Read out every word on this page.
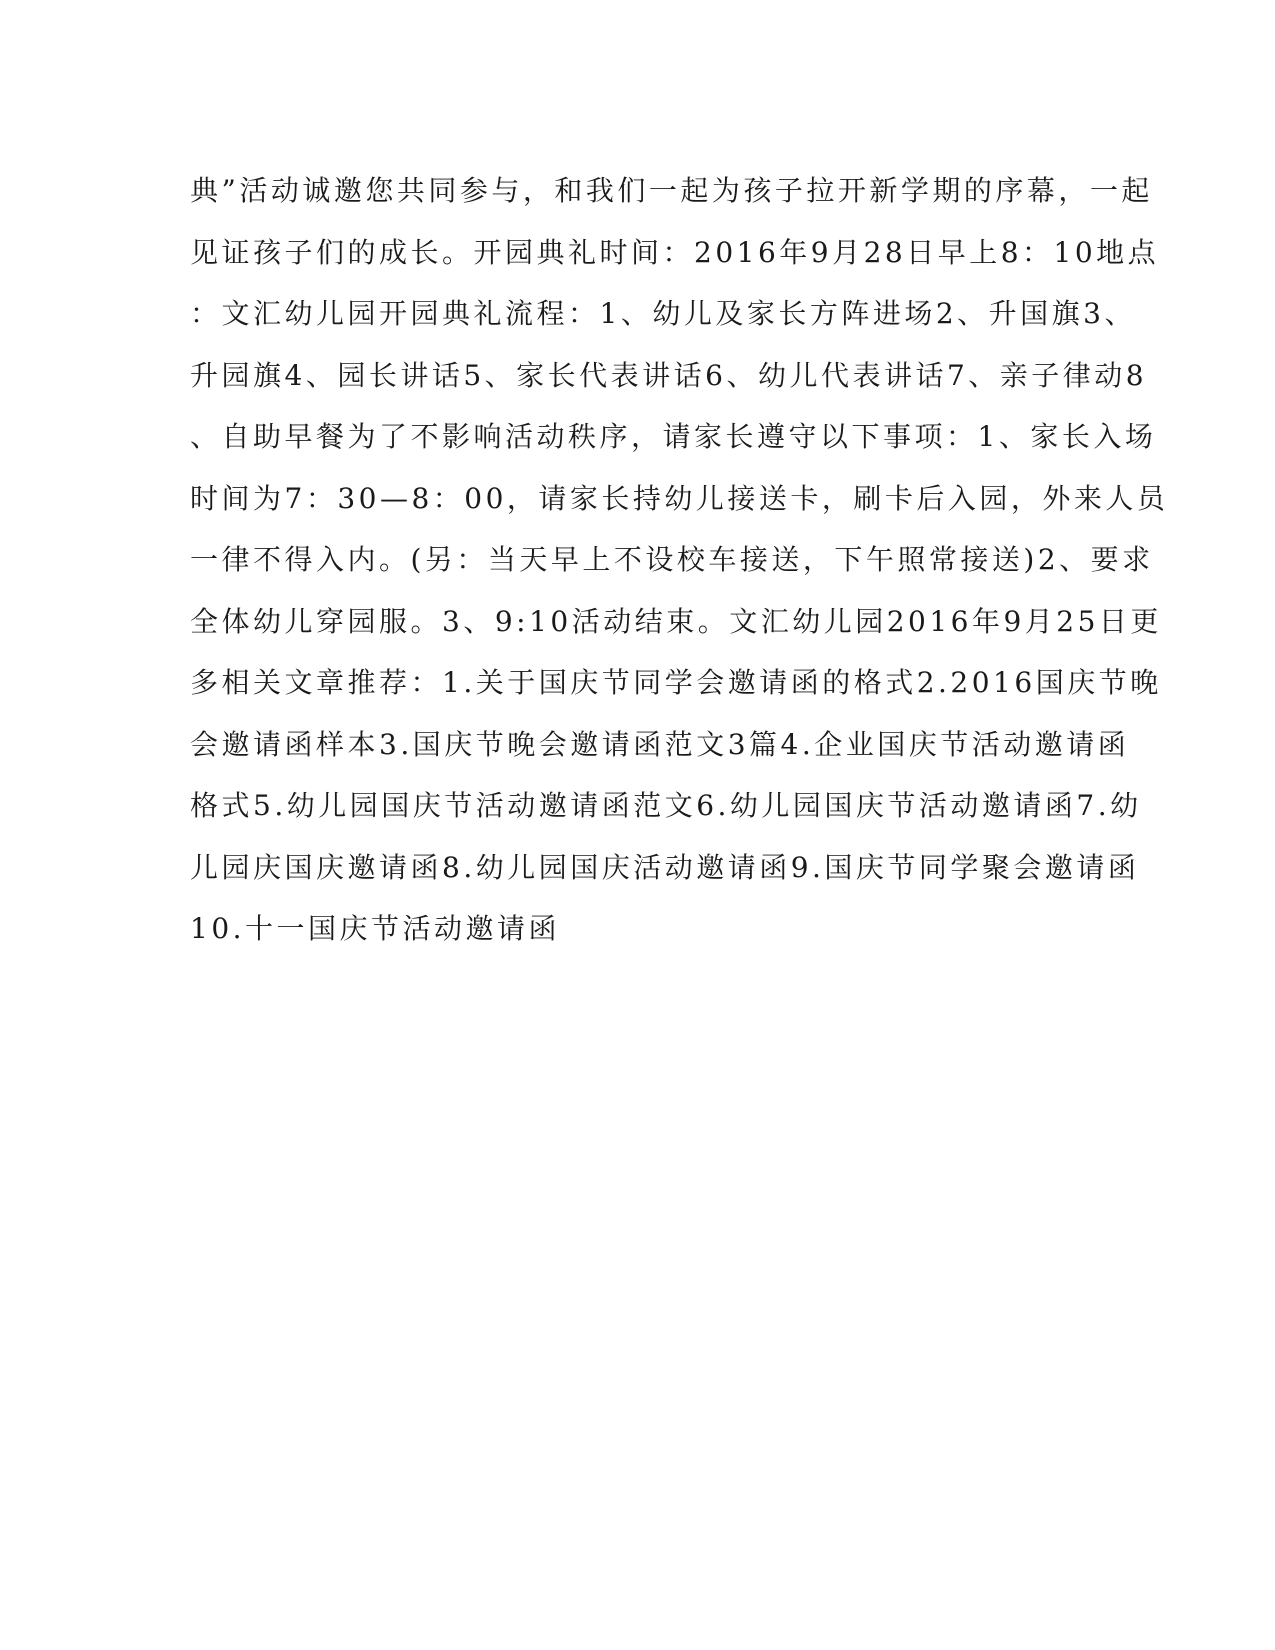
典”活动诚邀您共同参与，和我们一起为孩子拉开新学期的序幕，一起
见证孩子们的成长。开园典礼时间：2016年9月28日早上8：10地点
：文汇幼儿园开园典礼流程：1、幼儿及家长方阵进场2、升国旗3、
升园旗4、园长讲话5、家长代表讲话6、幼儿代表讲话7、亲子律动8
、自助早餐为了不影响活动秩序，请家长遵守以下事项：1、家长入场
时间为7：30—8：00，请家长持幼儿接送卡，刷卡后入园，外来人员
一律不得入内。(另：当天早上不设校车接送，下午照常接送)2、要求
全体幼儿穿园服。3、9:10活动结束。文汇幼儿园2016年9月25日更
多相关文章推荐：1.关于国庆节同学会邀请函的格式2.2016国庆节晚
会邀请函样本3.国庆节晚会邀请函范文3篇4.企业国庆节活动邀请函
格式5.幼儿园国庆节活动邀请函范文6.幼儿园国庆节活动邀请函7.幼
儿园庆国庆邀请函8.幼儿园国庆活动邀请函9.国庆节同学聚会邀请函
10.十一国庆节活动邀请函
